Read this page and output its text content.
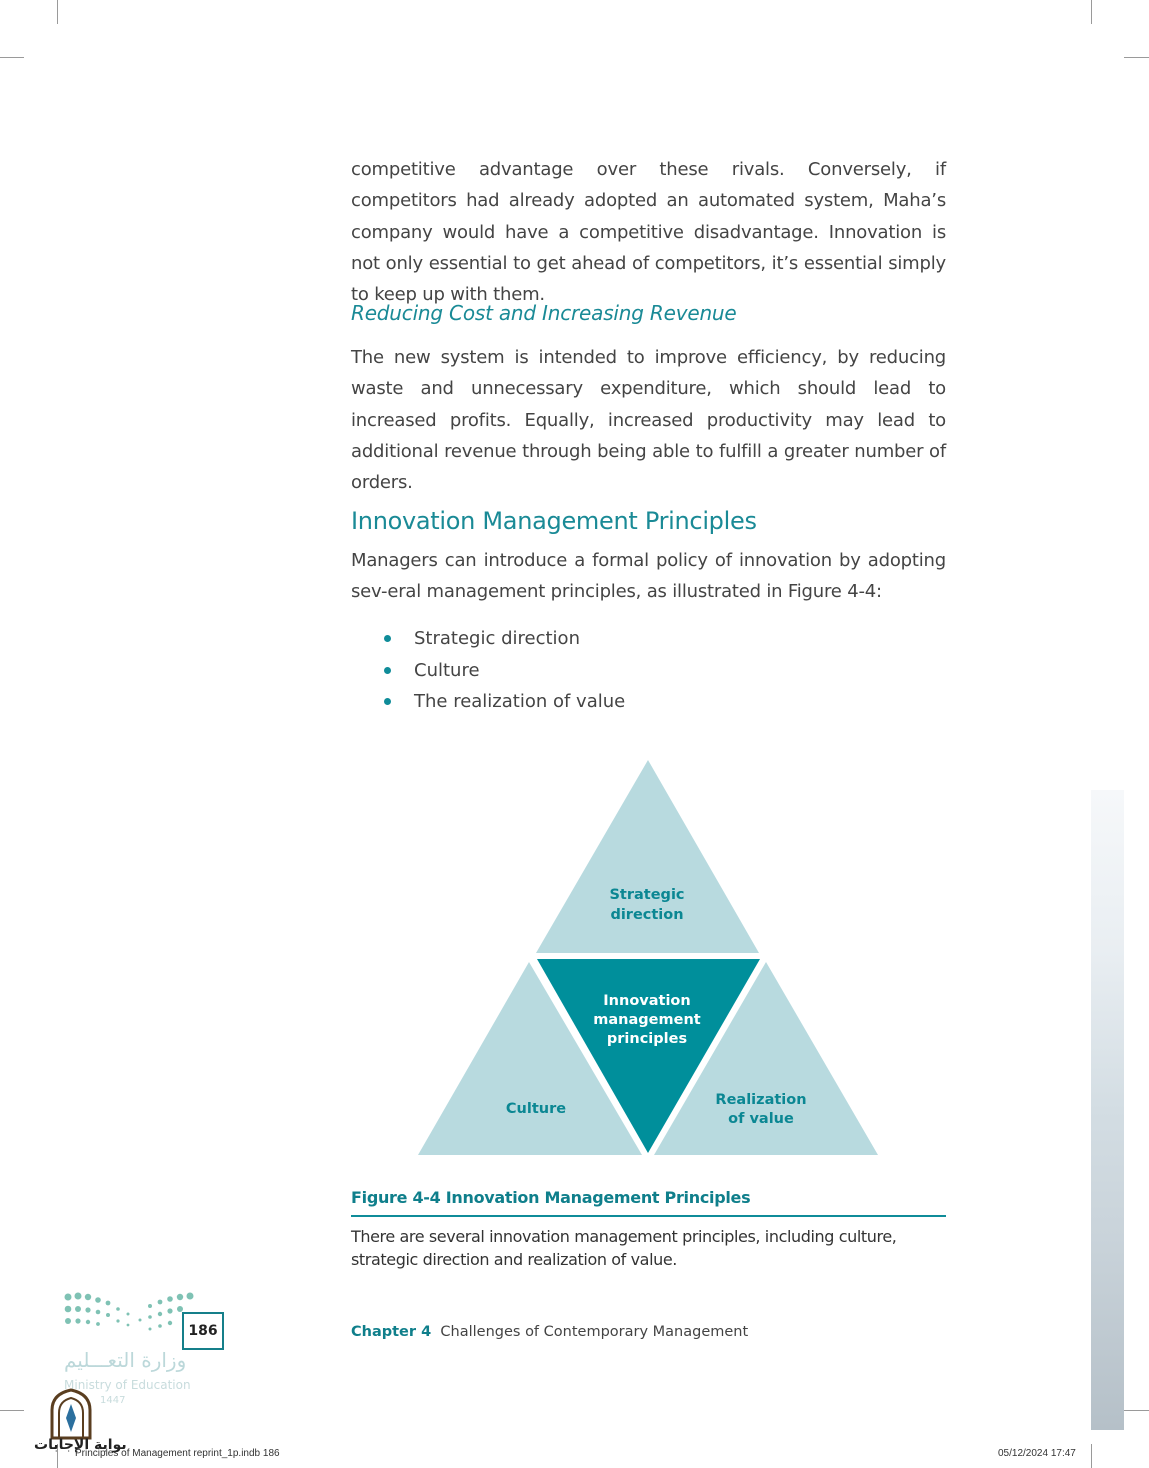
competitive advantage over these rivals. Conversely, if competitors had already adopted an automated system, Maha’s company would have a competitive disadvantage. Innovation is not only essential to get ahead of competitors, it’s essential simply to keep up with them.

Reducing Cost and Increasing Revenue

The new system is intended to improve efficiency, by reducing waste and unnecessary expenditure, which should lead to increased profits. Equally, increased productivity may lead to additional revenue through being able to fulfill a greater number of orders.

Innovation Management Principles

Managers can introduce a formal policy of innovation by adopting sev-eral management principles, as illustrated in Figure 4-4:

Strategic direction
Culture
The realization of value
Strategic
direction
Innovation
management
principles
Culture
Realization
of value

Figure 4-4 Innovation Management Principles

There are several innovation management principles, including culture, strategic direction and realization of value.

186
وزارة التعـــليم
Ministry of Education
1447
Chapter 4 Challenges of Contemporary Management
بوابة الإجابات
Principles of Management reprint_1p.indb 186	05/12/2024 17:47
